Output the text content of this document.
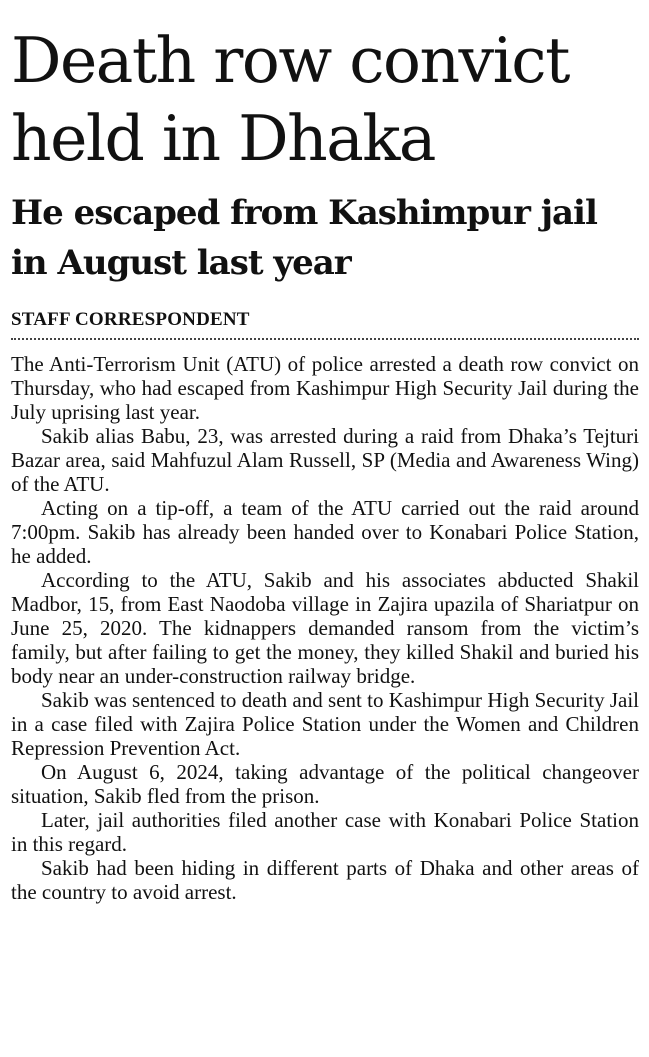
Death row convict held in Dhaka
He escaped from Kashimpur jail in August last year
STAFF CORRESPONDENT

The Anti-Terrorism Unit (ATU) of police arrested a death row convict on Thursday, who had escaped from Kashimpur High Security Jail during the July uprising last year.

Sakib alias Babu, 23, was arrested during a raid from Dhaka’s Tejturi Bazar area, said Mahfuzul Alam Russell, SP (Media and Awareness Wing) of the ATU.

Acting on a tip-off, a team of the ATU carried out the raid around 7:00pm. Sakib has already been handed over to Konabari Police Station, he added.

According to the ATU, Sakib and his associates abducted Shakil Madbor, 15, from East Naodoba village in Zajira upazila of Shariatpur on June 25, 2020. The kidnappers demanded ransom from the victim’s family, but after failing to get the money, they killed Shakil and buried his body near an under-construction railway bridge.

Sakib was sentenced to death and sent to Kashimpur High Security Jail in a case filed with Zajira Police Station under the Women and Children Repression Prevention Act.

On August 6, 2024, taking advantage of the political changeover situation, Sakib fled from the prison.

Later, jail authorities filed another case with Konabari Police Station in this regard.

Sakib had been hiding in different parts of Dhaka and other areas of the country to avoid arrest.
